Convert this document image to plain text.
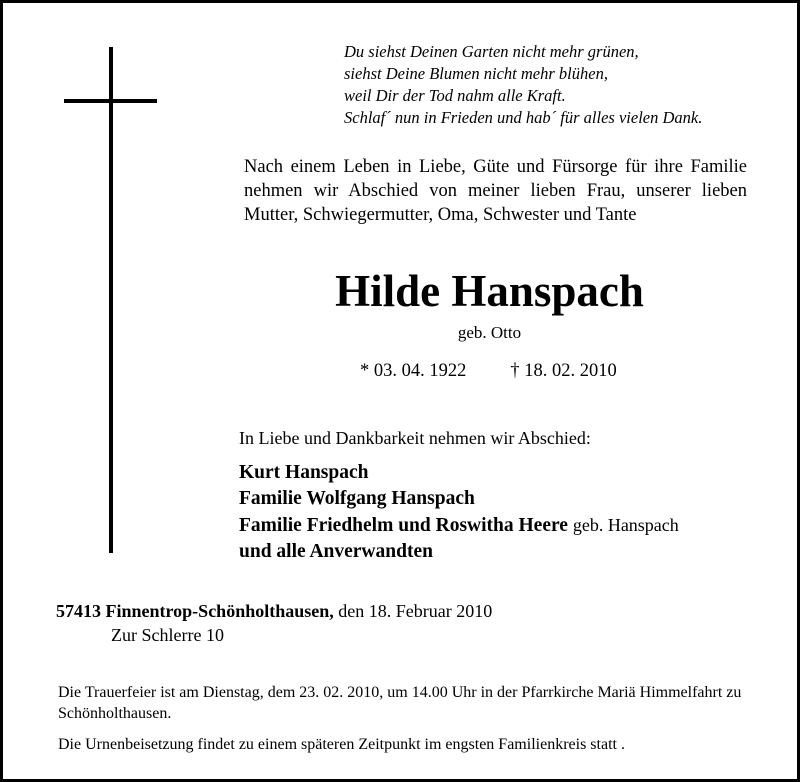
Du siehst Deinen Garten nicht mehr grünen,
siehst Deine Blumen nicht mehr blühen,
weil Dir der Tod nahm alle Kraft.
Schlaf´ nun in Frieden und hab´ für alles vielen Dank.
Nach einem Leben in Liebe, Güte und Fürsorge für ihre Familie nehmen wir Abschied von meiner lieben Frau, unserer lieben Mutter, Schwiegermutter, Oma, Schwester und Tante
Hilde Hanspach
geb. Otto
* 03. 04. 1922 † 18. 02. 2010
In Liebe und Dankbarkeit nehmen wir Abschied:
Kurt Hanspach
Familie Wolfgang Hanspach
Familie Friedhelm und Roswitha Heere geb. Hanspach
und alle Anverwandten
57413 Finnentrop-Schönholthausen, den 18. Februar 2010
Zur Schlerre 10

Die Trauerfeier ist am Dienstag, dem 23. 02. 2010, um 14.00 Uhr in der Pfarrkirche Mariä Himmelfahrt zu Schönholthausen.

Die Urnenbeisetzung findet zu einem späteren Zeitpunkt im engsten Familienkreis statt .
